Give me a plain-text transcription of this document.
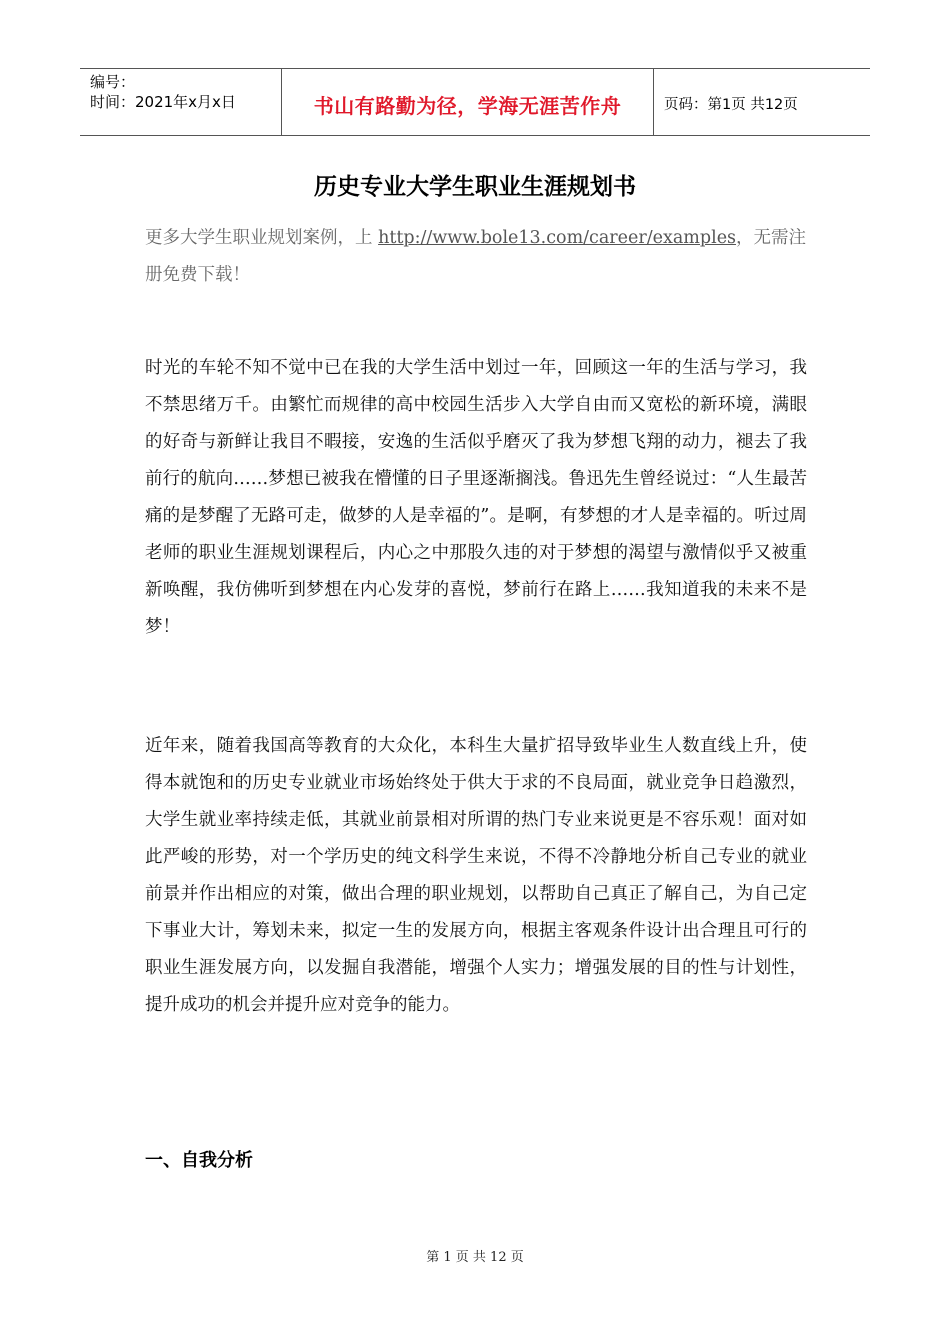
编号：
时间：2021年x月x日	书山有路勤为径，学海无涯苦作舟	页码：第1页 共12页
历史专业大学生职业生涯规划书
更多大学生职业规划案例，上 http://www.bole13.com/career/examples，无需注册免费下载！
时光的车轮不知不觉中已在我的大学生活中划过一年，回顾这一年的生活与学习，我不禁思绪万千。由繁忙而规律的高中校园生活步入大学自由而又宽松的新环境，满眼的好奇与新鲜让我目不暇接，安逸的生活似乎磨灭了我为梦想飞翔的动力，褪去了我前行的航向……梦想已被我在懵懂的日子里逐渐搁浅。鲁迅先生曾经说过：“人生最苦痛的是梦醒了无路可走，做梦的人是幸福的”。是啊，有梦想的才人是幸福的。听过周老师的职业生涯规划课程后，内心之中那股久违的对于梦想的渴望与激情似乎又被重新唤醒，我仿佛听到梦想在内心发芽的喜悦，梦前行在路上……我知道我的未来不是梦！
近年来，随着我国高等教育的大众化，本科生大量扩招导致毕业生人数直线上升，使得本就饱和的历史专业就业市场始终处于供大于求的不良局面，就业竞争日趋激烈，大学生就业率持续走低，其就业前景相对所谓的热门专业来说更是不容乐观！面对如此严峻的形势，对一个学历史的纯文科学生来说，不得不冷静地分析自己专业的就业前景并作出相应的对策，做出合理的职业规划，以帮助自己真正了解自己，为自己定下事业大计，筹划未来，拟定一生的发展方向，根据主客观条件设计出合理且可行的职业生涯发展方向，以发掘自我潜能，增强个人实力；增强发展的目的性与计划性，提升成功的机会并提升应对竞争的能力。
一、自我分析
第 1 页 共 12 页
